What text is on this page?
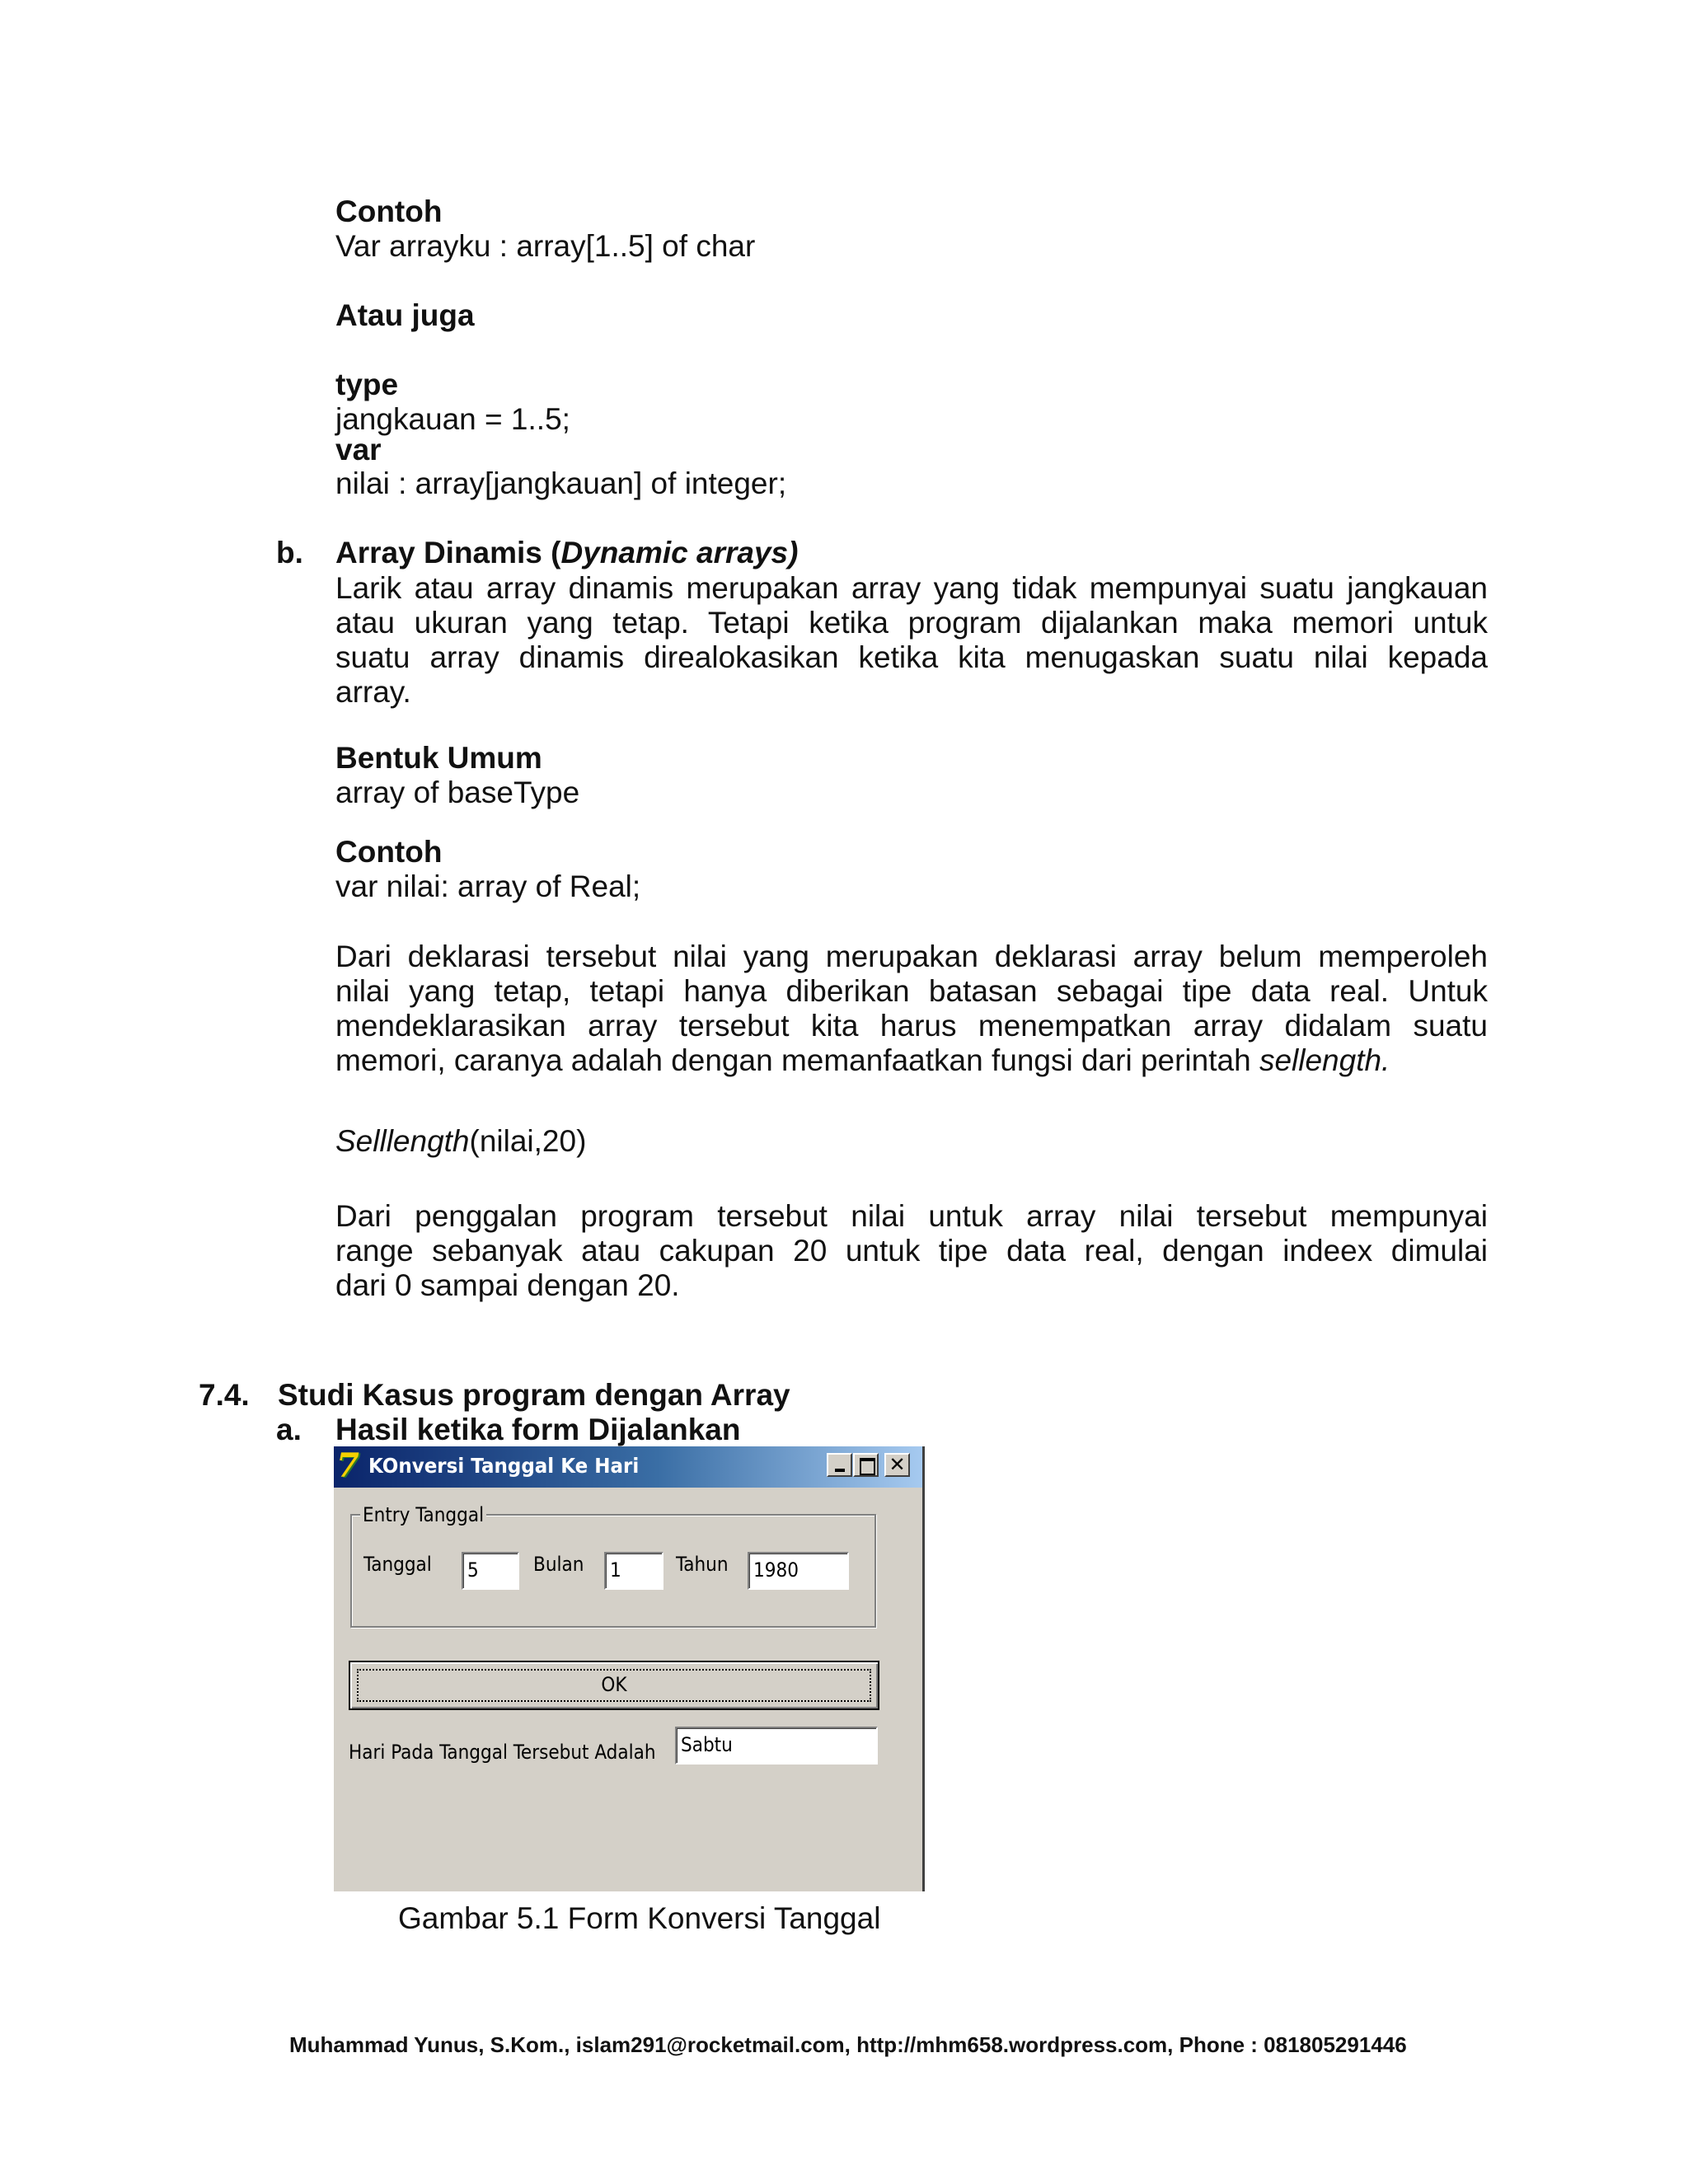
Contoh
Var arrayku : array[1..5] of char
Atau juga
type
jangkauan = 1..5;
var
nilai : array[jangkauan] of integer;
b. Array Dinamis (Dynamic arrays)
Larik atau array dinamis merupakan array yang tidak mempunyai suatu jangkauan
atau ukuran yang tetap. Tetapi ketika program dijalankan maka memori untuk
suatu array dinamis direalokasikan ketika kita menugaskan suatu nilai kepada
array.
Bentuk Umum
array of baseType
Contoh
var nilai: array of Real;
Dari deklarasi tersebut nilai yang merupakan deklarasi array belum memperoleh
nilai yang tetap, tetapi hanya diberikan batasan sebagai tipe data real. Untuk
mendeklarasikan array tersebut kita harus menempatkan array didalam suatu
memori, caranya adalah dengan memanfaatkan fungsi dari perintah sellength.
Selllength(nilai,20)
Dari penggalan program tersebut nilai untuk array nilai tersebut mempunyai
range sebanyak atau cakupan 20 untuk tipe data real, dengan indeex dimulai
dari 0 sampai dengan 20.
7.4. Studi Kasus program dengan Array
a. Hasil ketika form Dijalankan
7 KOnversi Tanggal Ke Hari	✕
Entry Tanggal
Tanggal 5	Bulan 1	Tahun 1980
OK
Hari Pada Tanggal Tersebut Adalah Sabtu
Gambar 5.1 Form Konversi Tanggal
Muhammad Yunus, S.Kom., islam291@rocketmail.com, http://mhm658.wordpress.com, Phone : 081805291446
